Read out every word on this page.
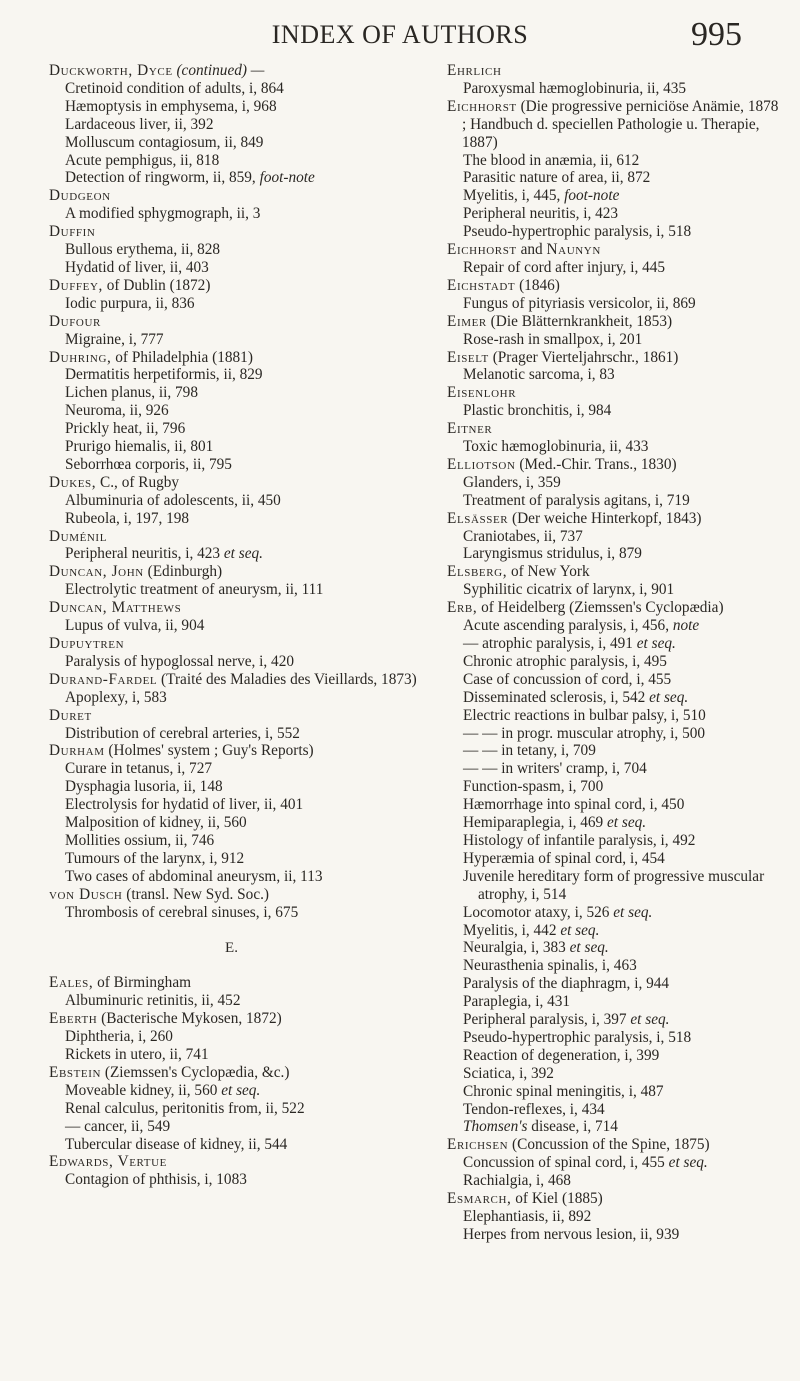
INDEX OF AUTHORS	995
Duckworth, Dyce (continued) —
Cretinoid condition of adults, i, 864
Hæmoptysis in emphysema, i, 968
Lardaceous liver, ii, 392
Molluscum contagiosum, ii, 849
Acute pemphigus, ii, 818
Detection of ringworm, ii, 859, foot-note
Dudgeon
A modified sphygmograph, ii, 3
Duffin
Bullous erythema, ii, 828
Hydatid of liver, ii, 403
Duffey, of Dublin (1872)
Iodic purpura, ii, 836
Dufour
Migraine, i, 777
Duhring, of Philadelphia (1881)
Dermatitis herpetiformis, ii, 829
Lichen planus, ii, 798
Neuroma, ii, 926
Prickly heat, ii, 796
Prurigo hiemalis, ii, 801
Seborrhœa corporis, ii, 795
Dukes, C., of Rugby
Albuminuria of adolescents, ii, 450
Rubeola, i, 197, 198
Duménil
Peripheral neuritis, i, 423 et seq.
Duncan, John (Edinburgh)
Electrolytic treatment of aneurysm, ii, 111
Duncan, Matthews
Lupus of vulva, ii, 904
Dupuytren
Paralysis of hypoglossal nerve, i, 420
Durand-Fardel (Traité des Maladies des Vieillards, 1873)
Apoplexy, i, 583
Duret
Distribution of cerebral arteries, i, 552
Durham (Holmes' system ; Guy's Reports)
Curare in tetanus, i, 727
Dysphagia lusoria, ii, 148
Electrolysis for hydatid of liver, ii, 401
Malposition of kidney, ii, 560
Mollities ossium, ii, 746
Tumours of the larynx, i, 912
Two cases of abdominal aneurysm, ii, 113
von Dusch (transl. New Syd. Soc.)
Thrombosis of cerebral sinuses, i, 675
E.
Eales, of Birmingham
Albuminuric retinitis, ii, 452
Eberth (Bacterische Mykosen, 1872)
Diphtheria, i, 260
Rickets in utero, ii, 741
Ebstein (Ziemssen's Cyclopædia, &c.)
Moveable kidney, ii, 560 et seq.
Renal calculus, peritonitis from, ii, 522
— cancer, ii, 549
Tubercular disease of kidney, ii, 544
Edwards, Vertue
Contagion of phthisis, i, 1083
Ehrlich
Paroxysmal hæmoglobinuria, ii, 435
Eichhorst (Die progressive perniciöse Anämie, 1878 ; Handbuch d. speciellen Pathologie u. Therapie, 1887)
The blood in anæmia, ii, 612
Parasitic nature of area, ii, 872
Myelitis, i, 445, foot-note
Peripheral neuritis, i, 423
Pseudo-hypertrophic paralysis, i, 518
Eichhorst and Naunyn
Repair of cord after injury, i, 445
Eichstadt (1846)
Fungus of pityriasis versicolor, ii, 869
Eimer (Die Blätternkrankheit, 1853)
Rose-rash in smallpox, i, 201
Eiselt (Prager Vierteljahrschr., 1861)
Melanotic sarcoma, i, 83
Eisenlohr
Plastic bronchitis, i, 984
Eitner
Toxic hæmoglobinuria, ii, 433
Elliotson (Med.-Chir. Trans., 1830)
Glanders, i, 359
Treatment of paralysis agitans, i, 719
Elsässer (Der weiche Hinterkopf, 1843)
Craniotabes, ii, 737
Laryngismus stridulus, i, 879
Elsberg, of New York
Syphilitic cicatrix of larynx, i, 901
Erb, of Heidelberg (Ziemssen's Cyclopædia)
Acute ascending paralysis, i, 456, note
— atrophic paralysis, i, 491 et seq.
Chronic atrophic paralysis, i, 495
Case of concussion of cord, i, 455
Disseminated sclerosis, i, 542 et seq.
Electric reactions in bulbar palsy, i, 510
— — in progr. muscular atrophy, i, 500
— — in tetany, i, 709
— — in writers' cramp, i, 704
Function-spasm, i, 700
Hæmorrhage into spinal cord, i, 450
Hemiparaplegia, i, 469 et seq.
Histology of infantile paralysis, i, 492
Hyperæmia of spinal cord, i, 454
Juvenile hereditary form of progressive muscular atrophy, i, 514
Locomotor ataxy, i, 526 et seq.
Myelitis, i, 442 et seq.
Neuralgia, i, 383 et seq.
Neurasthenia spinalis, i, 463
Paralysis of the diaphragm, i, 944
Paraplegia, i, 431
Peripheral paralysis, i, 397 et seq.
Pseudo-hypertrophic paralysis, i, 518
Reaction of degeneration, i, 399
Sciatica, i, 392
Chronic spinal meningitis, i, 487
Tendon-reflexes, i, 434
Thomsen's disease, i, 714
Erichsen (Concussion of the Spine, 1875)
Concussion of spinal cord, i, 455 et seq.
Rachialgia, i, 468
Esmarch, of Kiel (1885)
Elephantiasis, ii, 892
Herpes from nervous lesion, ii, 939
